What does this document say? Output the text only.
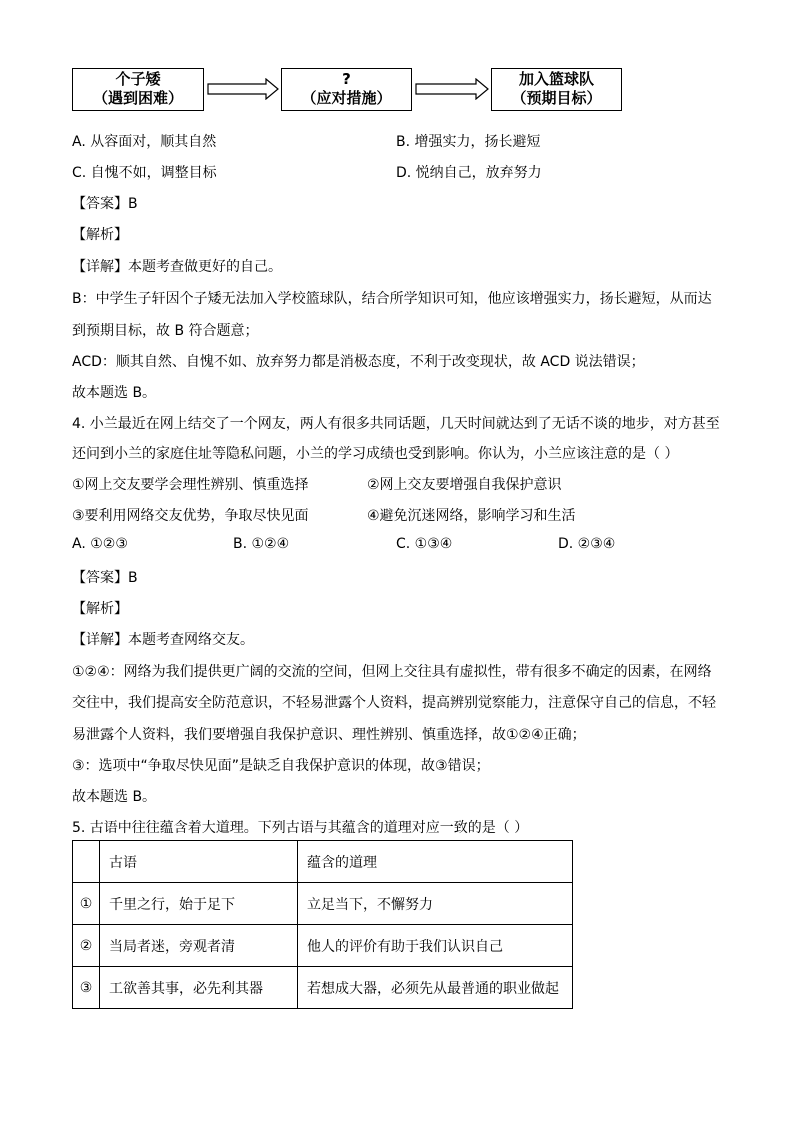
个子矮
（遇到困难）
?
（应对措施）
加入篮球队
（预期目标）
A. 从容面对，顺其自然	B. 增强实力，扬长避短
C. 自愧不如，调整目标	D. 悦纳自己，放弃努力
【答案】B
【解析】
【详解】本题考查做更好的自己。
B：中学生子轩因个子矮无法加入学校篮球队，结合所学知识可知，他应该增强实力，扬长避短，从而达
到预期目标，故 B 符合题意；
ACD：顺其自然、自愧不如、放弃努力都是消极态度，不利于改变现状，故 ACD 说法错误；
故本题选 B。
4. 小兰最近在网上结交了一个网友，两人有很多共同话题，几天时间就达到了无话不谈的地步，对方甚至
还问到小兰的家庭住址等隐私问题，小兰的学习成绩也受到影响。你认为，小兰应该注意的是（ ）
①网上交友要学会理性辨别、慎重选择	②网上交友要增强自我保护意识
③要利用网络交友优势，争取尽快见面	④避免沉迷网络，影响学习和生活
A. ①②③	B. ①②④	C. ①③④	D. ②③④
【答案】B
【解析】
【详解】本题考查网络交友。
①②④：网络为我们提供更广阔的交流的空间，但网上交往具有虚拟性，带有很多不确定的因素，在网络
交往中，我们提高安全防范意识，不轻易泄露个人资料，提高辨别觉察能力，注意保守自己的信息，不轻
易泄露个人资料，我们要增强自我保护意识、理性辨别、慎重选择，故①②④正确；
③：选项中“争取尽快见面”是缺乏自我保护意识的体现，故③错误；
故本题选 B。
5. 古语中往往蕴含着大道理。下列古语与其蕴含的道理对应一致的是（ ）
	古语	蕴含的道理
①	千里之行，始于足下	立足当下，不懈努力
②	当局者迷，旁观者清	他人的评价有助于我们认识自己
③	工欲善其事，必先利其器	若想成大器，必须先从最普通的职业做起
